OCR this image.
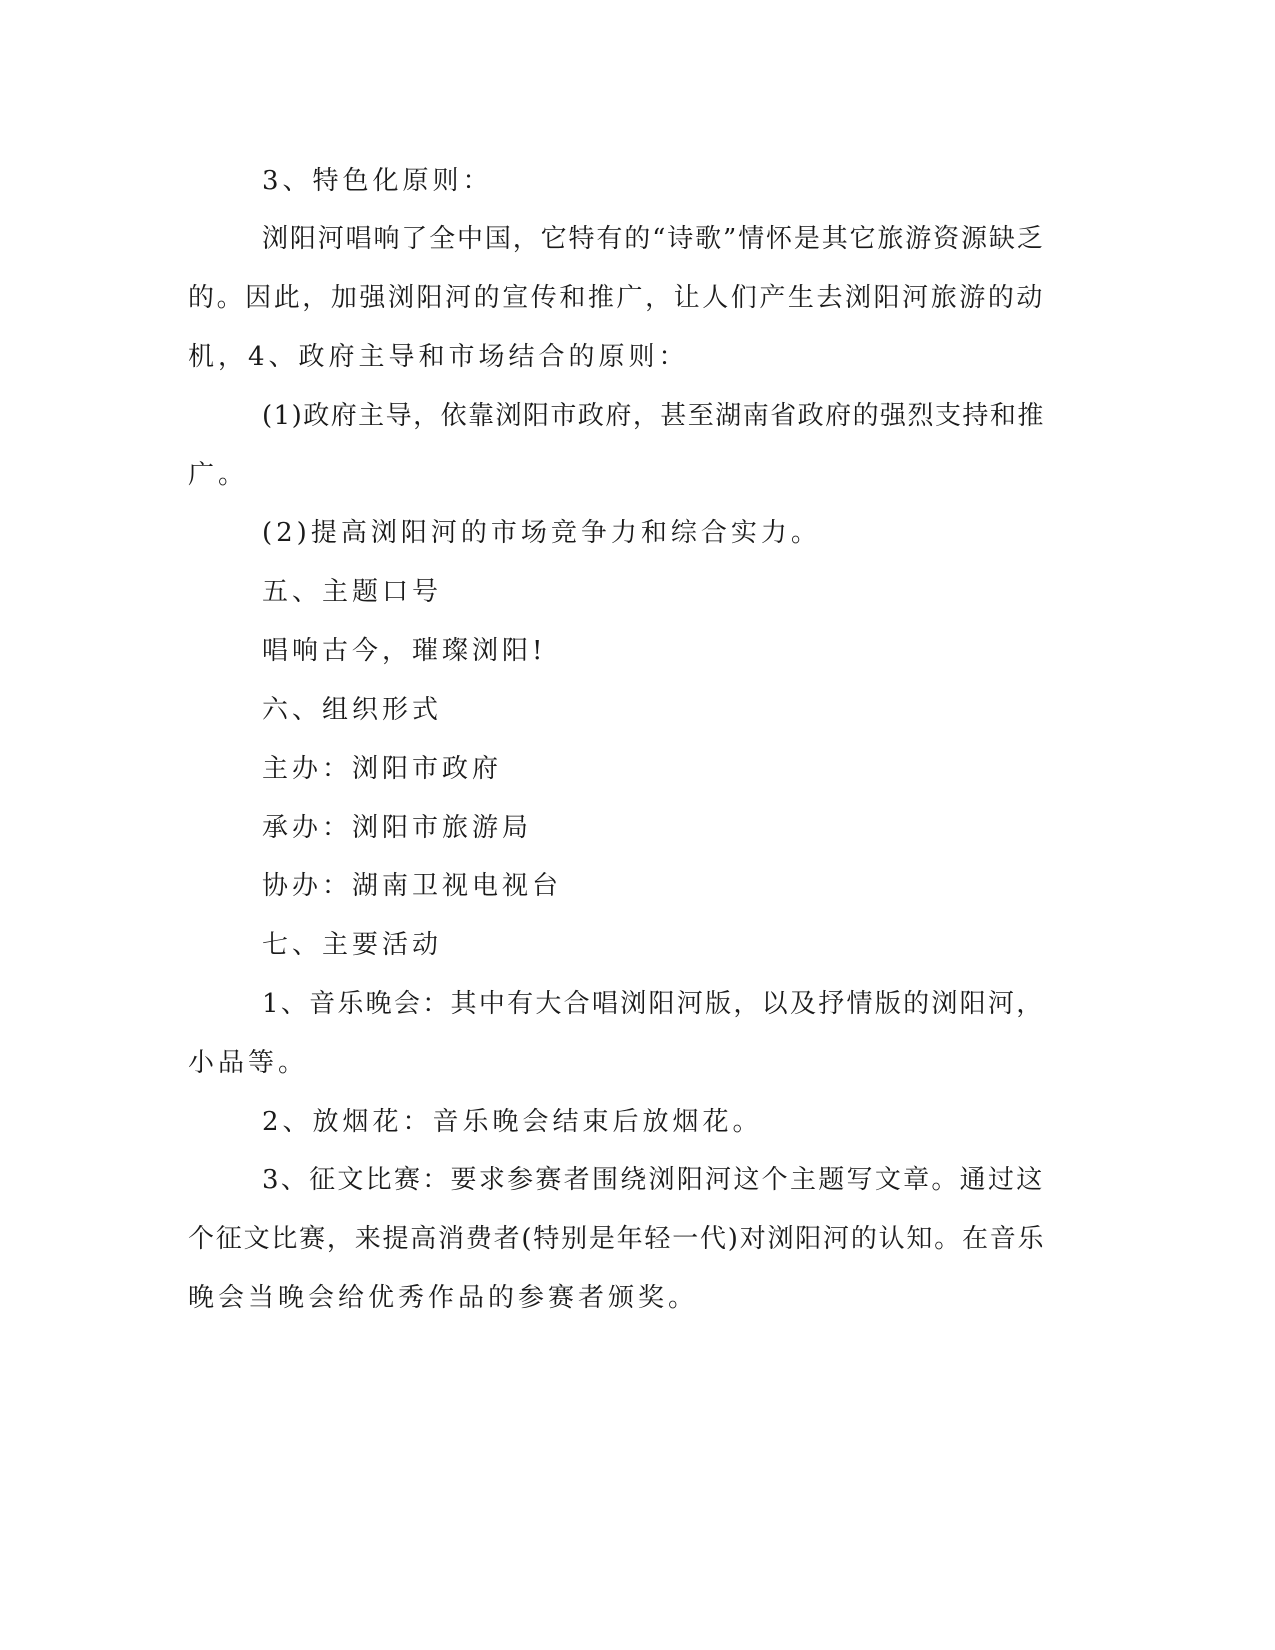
3、特色化原则：
浏阳河唱响了全中国，它特有的“诗歌”情怀是其它旅游资源缺乏
的。因此，加强浏阳河的宣传和推广，让人们产生去浏阳河旅游的动
机，4、政府主导和市场结合的原则：
(1)政府主导，依靠浏阳市政府，甚至湖南省政府的强烈支持和推
广。
(2)提高浏阳河的市场竞争力和综合实力。
五、主题口号
唱响古今，璀璨浏阳!
六、组织形式
主办：浏阳市政府
承办：浏阳市旅游局
协办：湖南卫视电视台
七、主要活动
1、音乐晚会：其中有大合唱浏阳河版，以及抒情版的浏阳河，
小品等。
2、放烟花：音乐晚会结束后放烟花。
3、征文比赛：要求参赛者围绕浏阳河这个主题写文章。通过这
个征文比赛，来提高消费者(特别是年轻一代)对浏阳河的认知。在音乐
晚会当晚会给优秀作品的参赛者颁奖。
